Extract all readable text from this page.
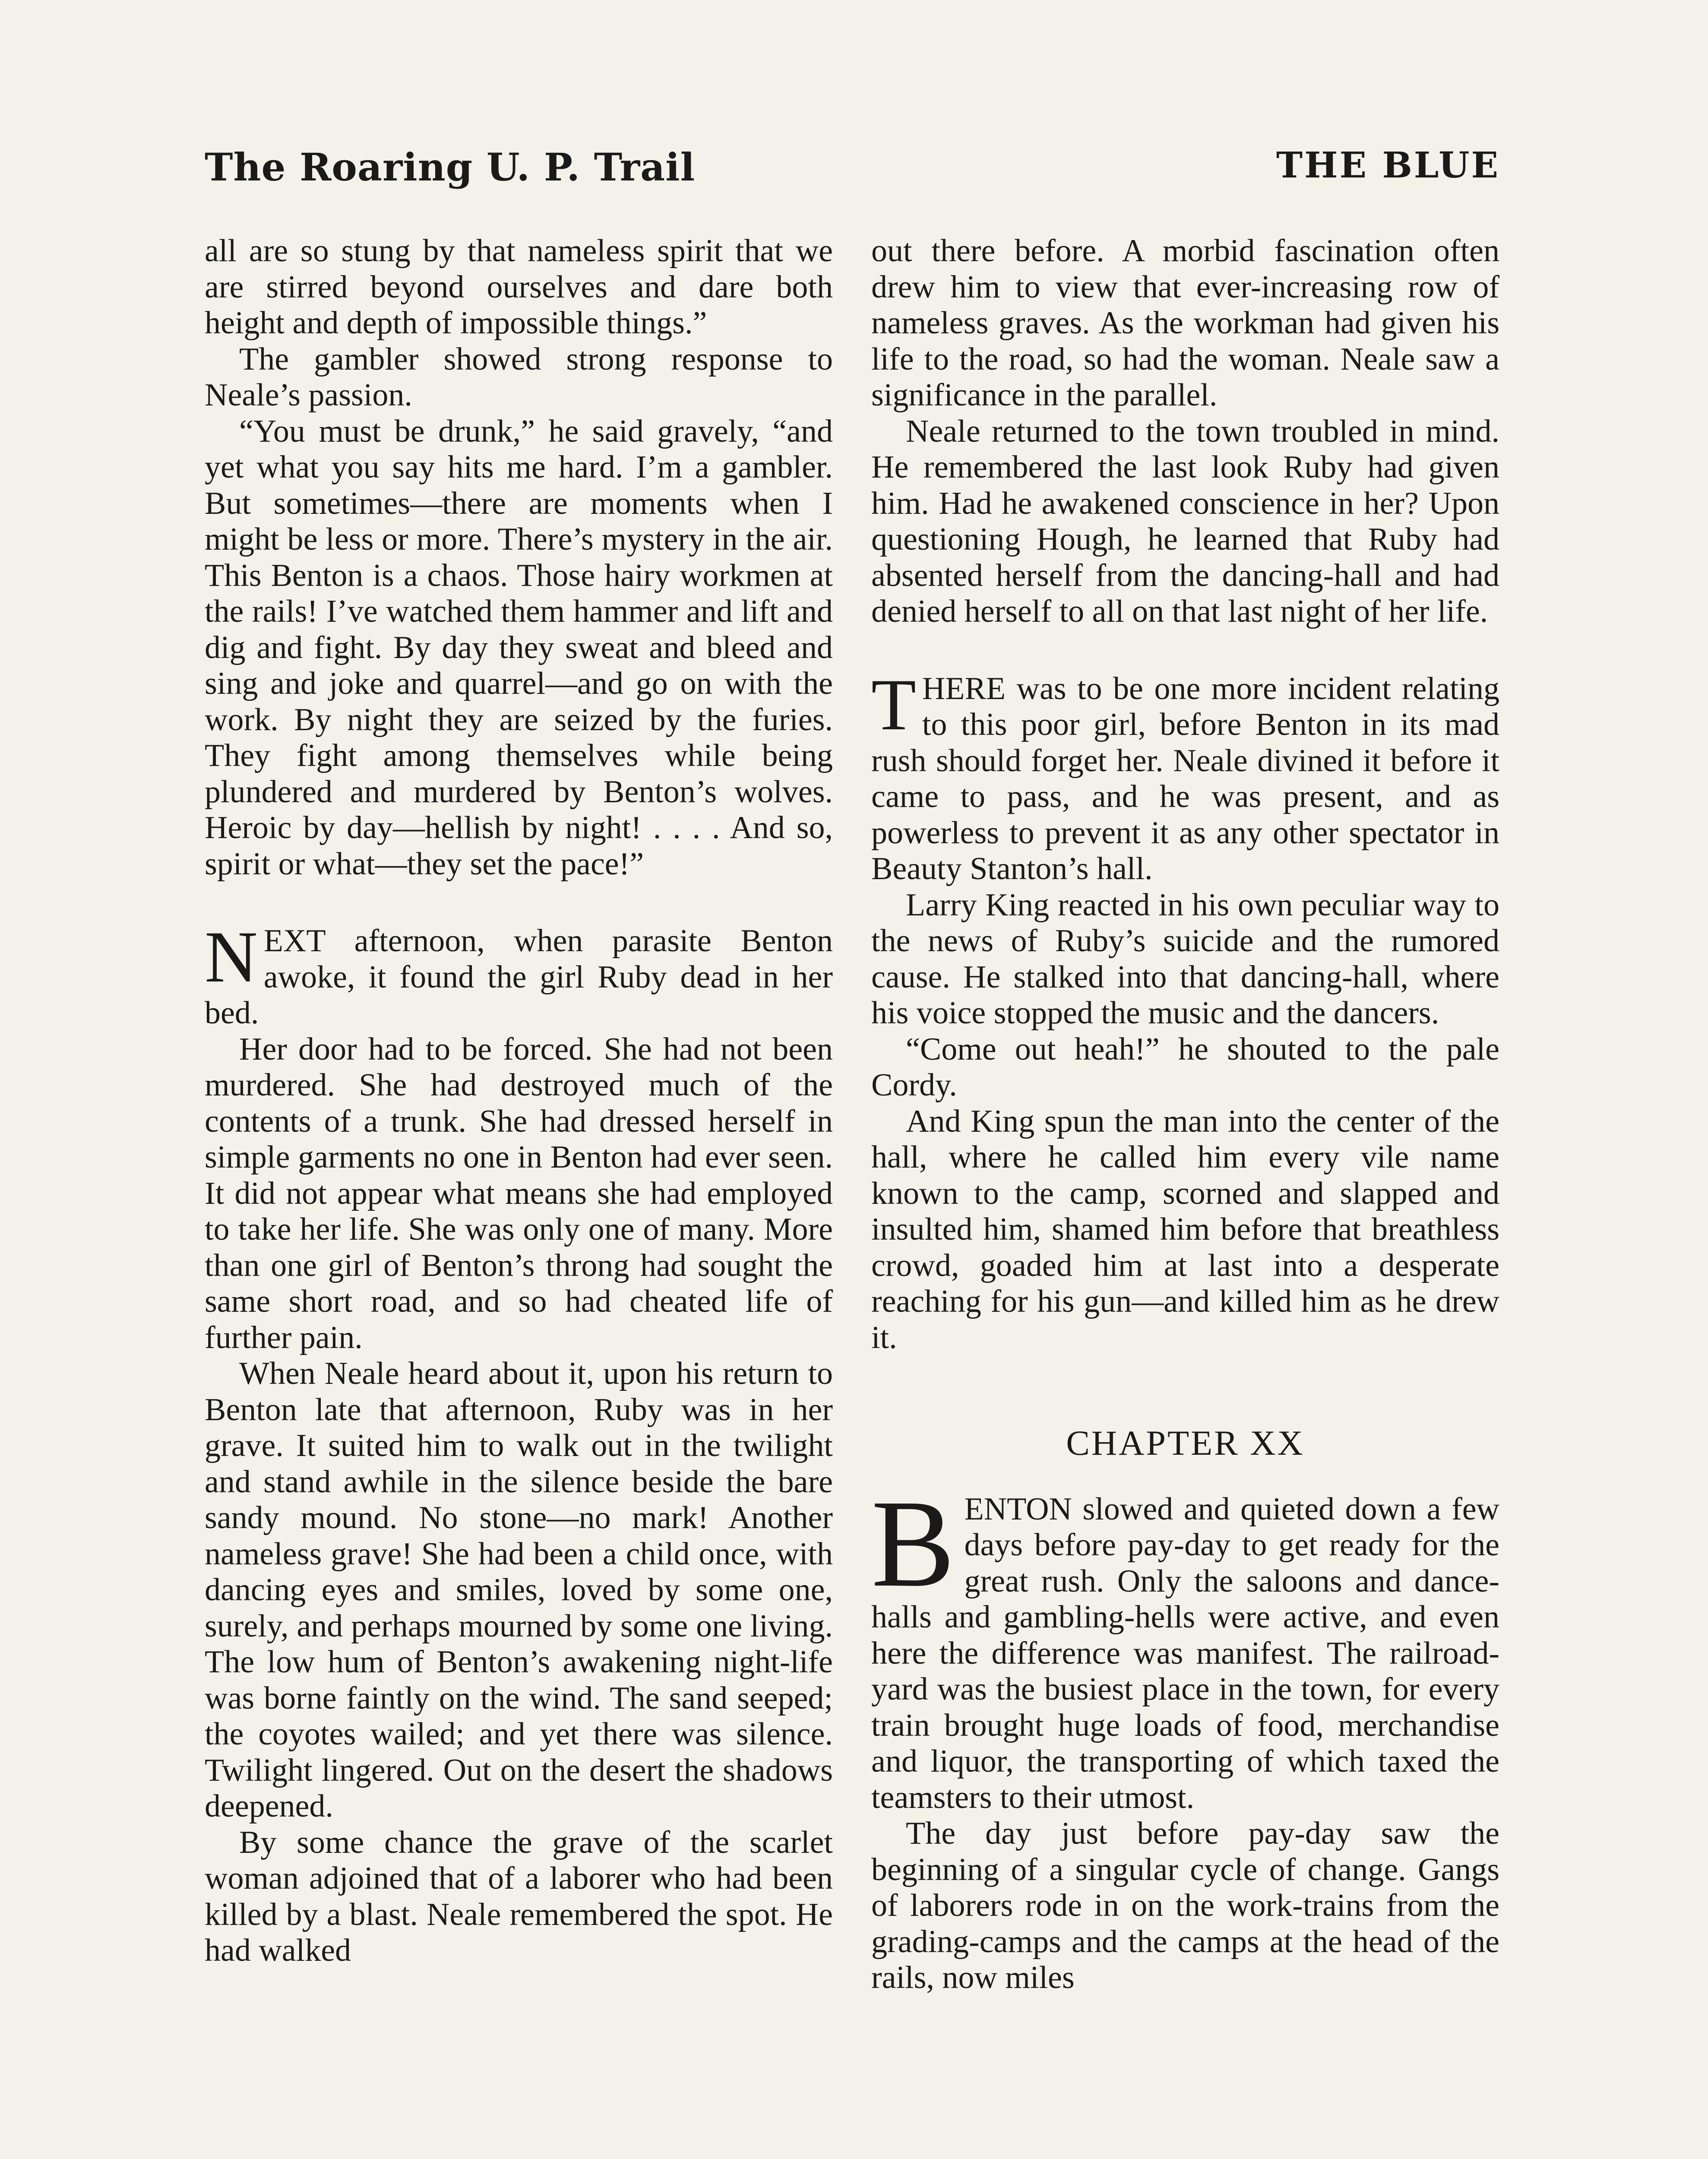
The Roaring U. P. Trail	THE BLUE

all are so stung by that nameless spirit that we are stirred beyond ourselves and dare both height and depth of impossible things.”

The gambler showed strong response to Neale’s passion.

“You must be drunk,” he said gravely, “and yet what you say hits me hard. I’m a gambler. But sometimes—there are moments when I might be less or more. There’s mystery in the air. This Benton is a chaos. Those hairy workmen at the rails! I’ve watched them hammer and lift and dig and fight. By day they sweat and bleed and sing and joke and quarrel—and go on with the work. By night they are seized by the furies. They fight among themselves while being plundered and murdered by Benton’s wolves. Heroic by day—hellish by night! . . . . And so, spirit or what—they set the pace!”

NEXT afternoon, when parasite Benton awoke, it found the girl Ruby dead in her bed.

Her door had to be forced. She had not been murdered. She had destroyed much of the contents of a trunk. She had dressed herself in simple garments no one in Benton had ever seen. It did not appear what means she had employed to take her life. She was only one of many. More than one girl of Benton’s throng had sought the same short road, and so had cheated life of further pain.

When Neale heard about it, upon his return to Benton late that afternoon, Ruby was in her grave. It suited him to walk out in the twilight and stand awhile in the silence beside the bare sandy mound. No stone—no mark! Another nameless grave! She had been a child once, with dancing eyes and smiles, loved by some one, surely, and perhaps mourned by some one living. The low hum of Benton’s awakening night-life was borne faintly on the wind. The sand seeped; the coyotes wailed; and yet there was silence. Twilight lingered. Out on the desert the shadows deepened.

By some chance the grave of the scarlet woman adjoined that of a laborer who had been killed by a blast. Neale remembered the spot. He had walked

out there before. A morbid fascination often drew him to view that ever-increasing row of nameless graves. As the workman had given his life to the road, so had the woman. Neale saw a significance in the parallel.

Neale returned to the town troubled in mind. He remembered the last look Ruby had given him. Had he awakened conscience in her? Upon questioning Hough, he learned that Ruby had absented herself from the dancing-hall and had denied herself to all on that last night of her life.

THERE was to be one more incident relating to this poor girl, before Benton in its mad rush should forget her. Neale divined it before it came to pass, and he was present, and as powerless to prevent it as any other spectator in Beauty Stanton’s hall.

Larry King reacted in his own peculiar way to the news of Ruby’s suicide and the rumored cause. He stalked into that dancing-hall, where his voice stopped the music and the dancers.

“Come out heah!” he shouted to the pale Cordy.

And King spun the man into the center of the hall, where he called him every vile name known to the camp, scorned and slapped and insulted him, shamed him before that breathless crowd, goaded him at last into a desperate reaching for his gun—and killed him as he drew it.

CHAPTER XX

BENTON slowed and quieted down a few days before pay-day to get ready for the great rush. Only the saloons and dance-halls and gambling-hells were active, and even here the difference was manifest. The railroad-yard was the busiest place in the town, for every train brought huge loads of food, merchandise and liquor, the transporting of which taxed the teamsters to their utmost.

The day just before pay-day saw the beginning of a singular cycle of change. Gangs of laborers rode in on the work-trains from the grading-camps and the camps at the head of the rails, now miles
